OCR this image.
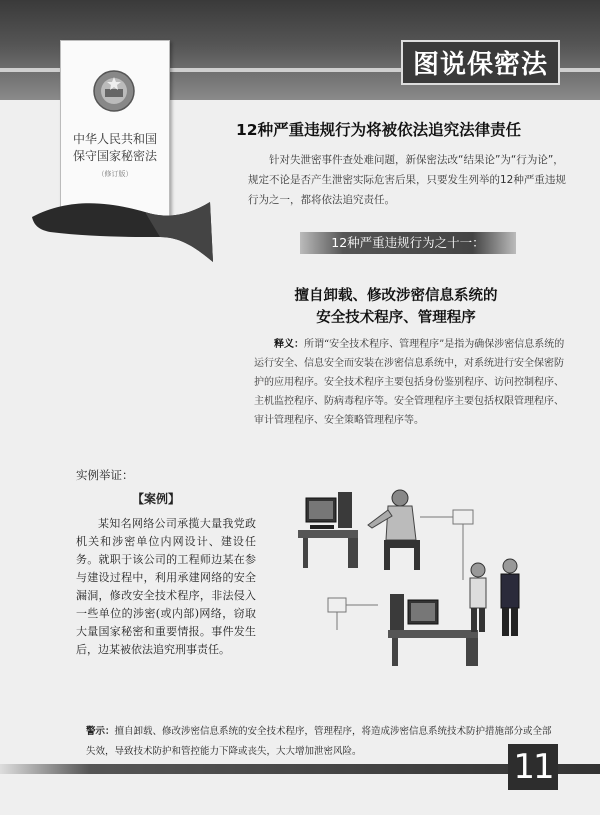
图说保密法
中华人民共和国
保守国家秘密法
（修订版）
12种严重违规行为将被依法追究法律责任
针对失泄密事件查处难问题，新保密法改“结果论”为“行为论”，规定不论是否产生泄密实际危害后果，只要发生列举的12种严重违规行为之一，都将依法追究责任。
12种严重违规行为之十一：
擅自卸载、修改涉密信息系统的
安全技术程序、管理程序
释义：所谓“安全技术程序、管理程序”是指为确保涉密信息系统的运行安全、信息安全而安装在涉密信息系统中，对系统进行安全保密防护的应用程序。安全技术程序主要包括身份鉴别程序、访问控制程序、主机监控程序、防病毒程序等。安全管理程序主要包括权限管理程序、审计管理程序、安全策略管理程序等。
实例举证：
【案例】
某知名网络公司承揽大量我党政机关和涉密单位内网设计、建设任务。就职于该公司的工程师边某在参与建设过程中，利用承建网络的安全漏洞，修改安全技术程序，非法侵入一些单位的涉密(或内部)网络，窃取大量国家秘密和重要情报。事件发生后，边某被依法追究刑事责任。
警示：擅自卸载、修改涉密信息系统的安全技术程序，管理程序，将造成涉密信息系统技术防护措施部分或全部失效，导致技术防护和管控能力下降或丧失，大大增加泄密风险。	11
